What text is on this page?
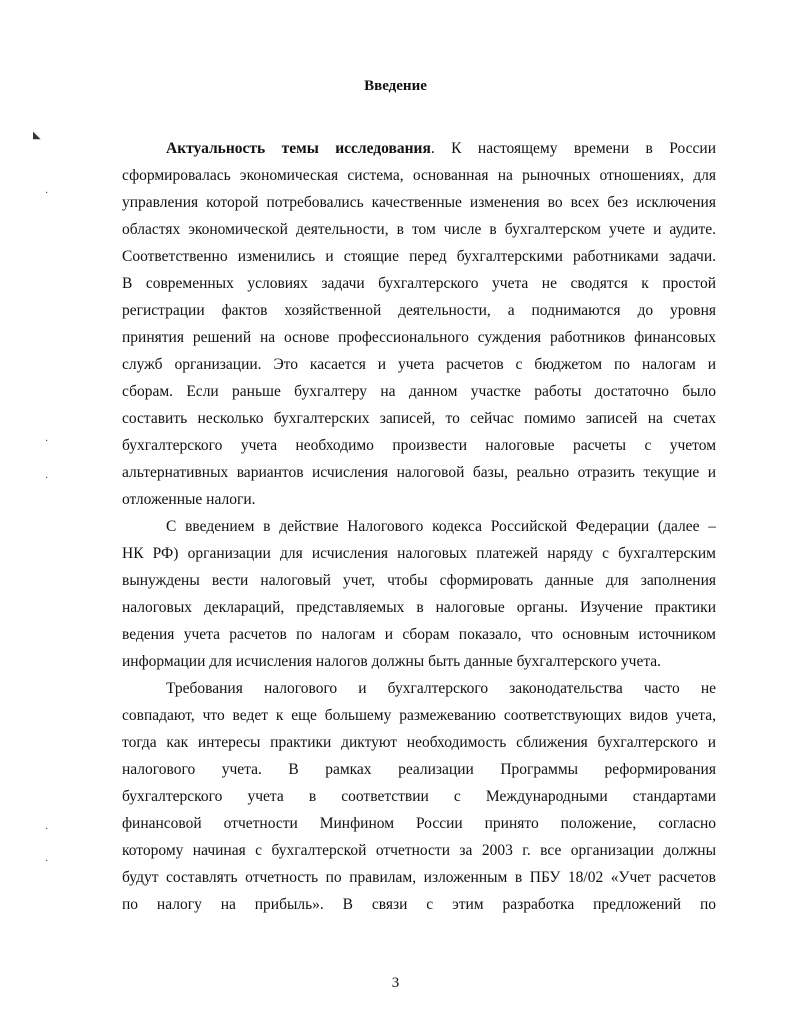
Введение
◣
·
·
·
·
·

Актуальность темы исследования. К настоящему времени в России
сформировалась экономическая система, основанная на рыночных отношениях, для
управления которой потребовались качественные изменения во всех без исключения
областях экономической деятельности, в том числе в бухгалтерском учете и аудите.
Соответственно изменились и стоящие перед бухгалтерскими работниками задачи.
В современных условиях задачи бухгалтерского учета не сводятся к простой
регистрации фактов хозяйственной деятельности, а поднимаются до уровня
принятия решений на основе профессионального суждения работников финансовых
служб организации. Это касается и учета расчетов с бюджетом по налогам и
сборам. Если раньше бухгалтеру на данном участке работы достаточно было
составить несколько бухгалтерских записей, то сейчас помимо записей на счетах
бухгалтерского учета необходимо произвести налоговые расчеты с учетом
альтернативных вариантов исчисления налоговой базы, реально отразить текущие и
отложенные налоги.

С введением в действие Налогового кодекса Российской Федерации (далее –
НК РФ) организации для исчисления налоговых платежей наряду с бухгалтерским
вынуждены вести налоговый учет, чтобы сформировать данные для заполнения
налоговых деклараций, представляемых в налоговые органы. Изучение практики
ведения учета расчетов по налогам и сборам показало, что основным источником
информации для исчисления налогов должны быть данные бухгалтерского учета.

Требования налогового и бухгалтерского законодательства часто не
совпадают, что ведет к еще большему размежеванию соответствующих видов учета,
тогда как интересы практики диктуют необходимость сближения бухгалтерского и
налогового учета. В рамках реализации Программы реформирования
бухгалтерского учета в соответствии с Международными стандартами
финансовой отчетности Минфином России принято положение, согласно
которому начиная с бухгалтерской отчетности за 2003 г. все организации должны
будут составлять отчетность по правилам, изложенным в ПБУ 18/02 «Учет расчетов
по налогу на прибыль». В связи с этим разработка предложений по

3
